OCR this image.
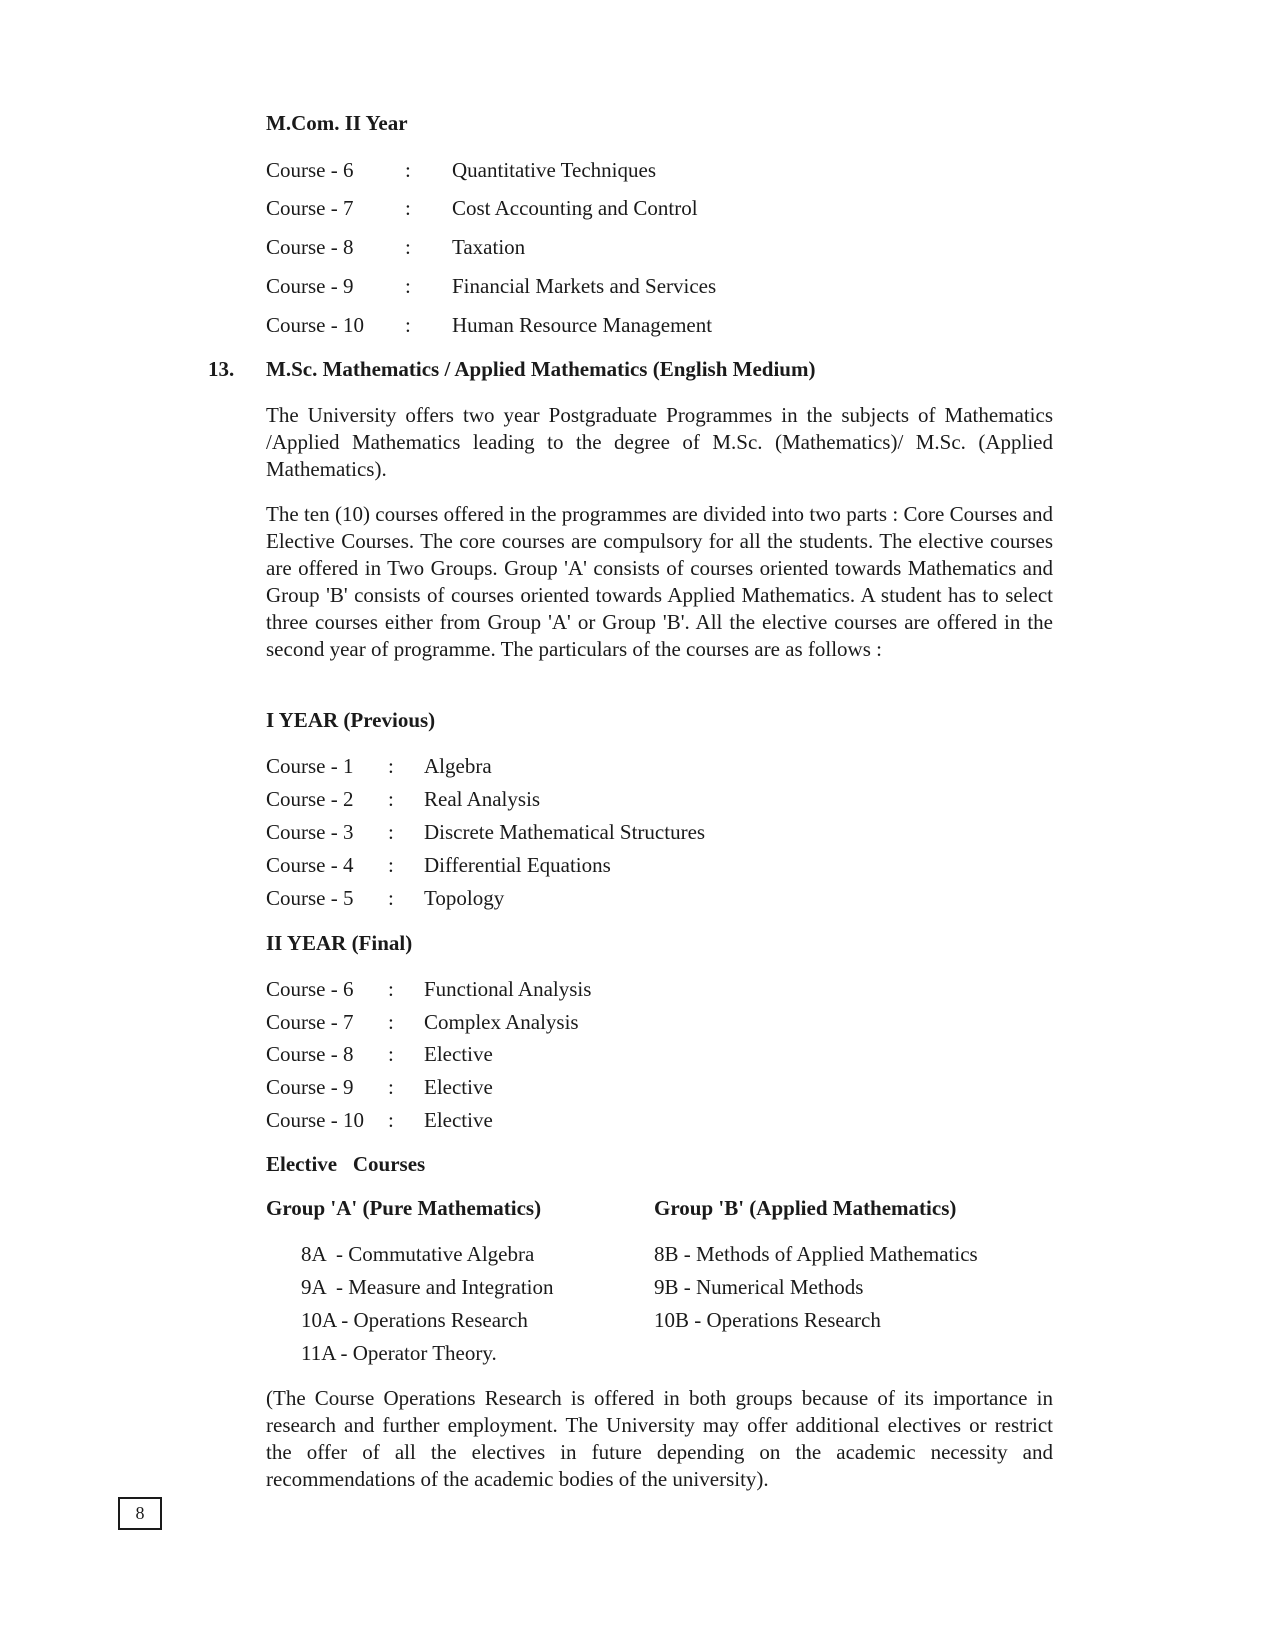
M.Com. II Year
Course - 6 : Quantitative Techniques
Course - 7 : Cost Accounting and Control
Course - 8 : Taxation
Course - 9 : Financial Markets and Services
Course - 10 : Human Resource Management
13. M.Sc. Mathematics / Applied Mathematics (English Medium)
The University offers two year Postgraduate Programmes in the subjects of Mathematics /Applied Mathematics leading to the degree of M.Sc. (Mathematics)/ M.Sc. (Applied Mathematics).
The ten (10) courses offered in the programmes are divided into two parts : Core Courses and Elective Courses. The core courses are compulsory for all the students. The elective courses are offered in Two Groups. Group 'A' consists of courses oriented towards Mathematics and Group 'B' consists of courses oriented towards Applied Mathematics. A student has to select three courses either from Group 'A' or Group 'B'. All the elective courses are offered in the second year of programme. The particulars of the courses are as follows :
I YEAR (Previous)
Course - 1 : Algebra
Course - 2 : Real Analysis
Course - 3 : Discrete Mathematical Structures
Course - 4 : Differential Equations
Course - 5 : Topology
II YEAR (Final)
Course - 6 : Functional Analysis
Course - 7 : Complex Analysis
Course - 8 : Elective
Course - 9 : Elective
Course - 10 : Elective
Elective   Courses
Group 'A' (Pure Mathematics)	Group 'B' (Applied Mathematics)
8A  - Commutative Algebra
9A  - Measure and Integration
10A - Operations Research
11A - Operator Theory.
8B - Methods of Applied Mathematics
9B - Numerical Methods
10B - Operations Research
(The Course Operations Research is offered in both groups because of its importance in research and further employment. The University may offer additional electives or restrict the offer of all the electives in future depending on the academic necessity and recommendations of the academic bodies of the university).
8
